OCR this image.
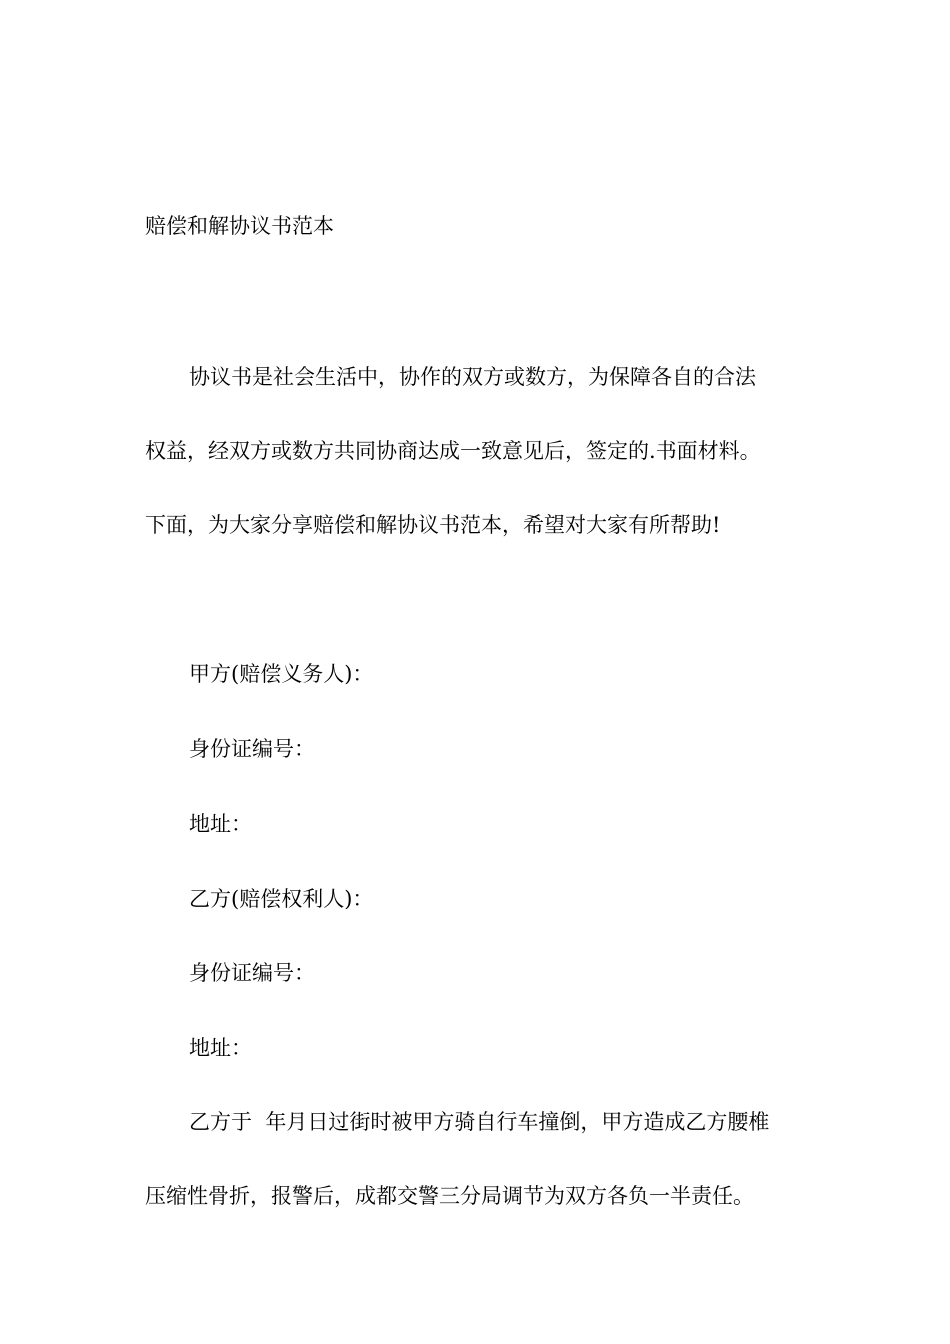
赔偿和解协议书范本
协议书是社会生活中，协作的双方或数方，为保障各自的合法
权益，经双方或数方共同协商达成一致意见后，签定的.书面材料。
下面，为大家分享赔偿和解协议书范本，希望对大家有所帮助!
甲方(赔偿义务人)：
身份证编号：
地址：
乙方(赔偿权利人)：
身份证编号：
地址：
乙方于  年月日过街时被甲方骑自行车撞倒，甲方造成乙方腰椎
压缩性骨折，报警后，成都交警三分局调节为双方各负一半责任。
